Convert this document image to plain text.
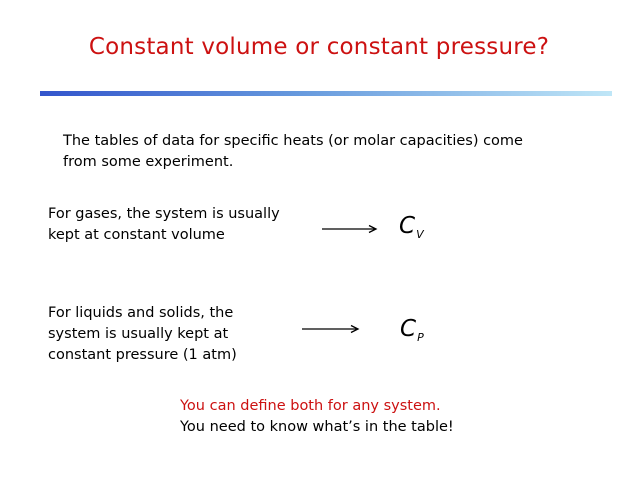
Constant volume or constant pressure?
The tables of data for specific heats (or molar capacities) come
from some experiment.
For gases, the system is usually
kept at constant volume	$C_V$
For liquids and solids, the
system is usually kept at
constant pressure (1 atm)
$C_P$
You can define both for any system.
You need to know what’s in the table!
